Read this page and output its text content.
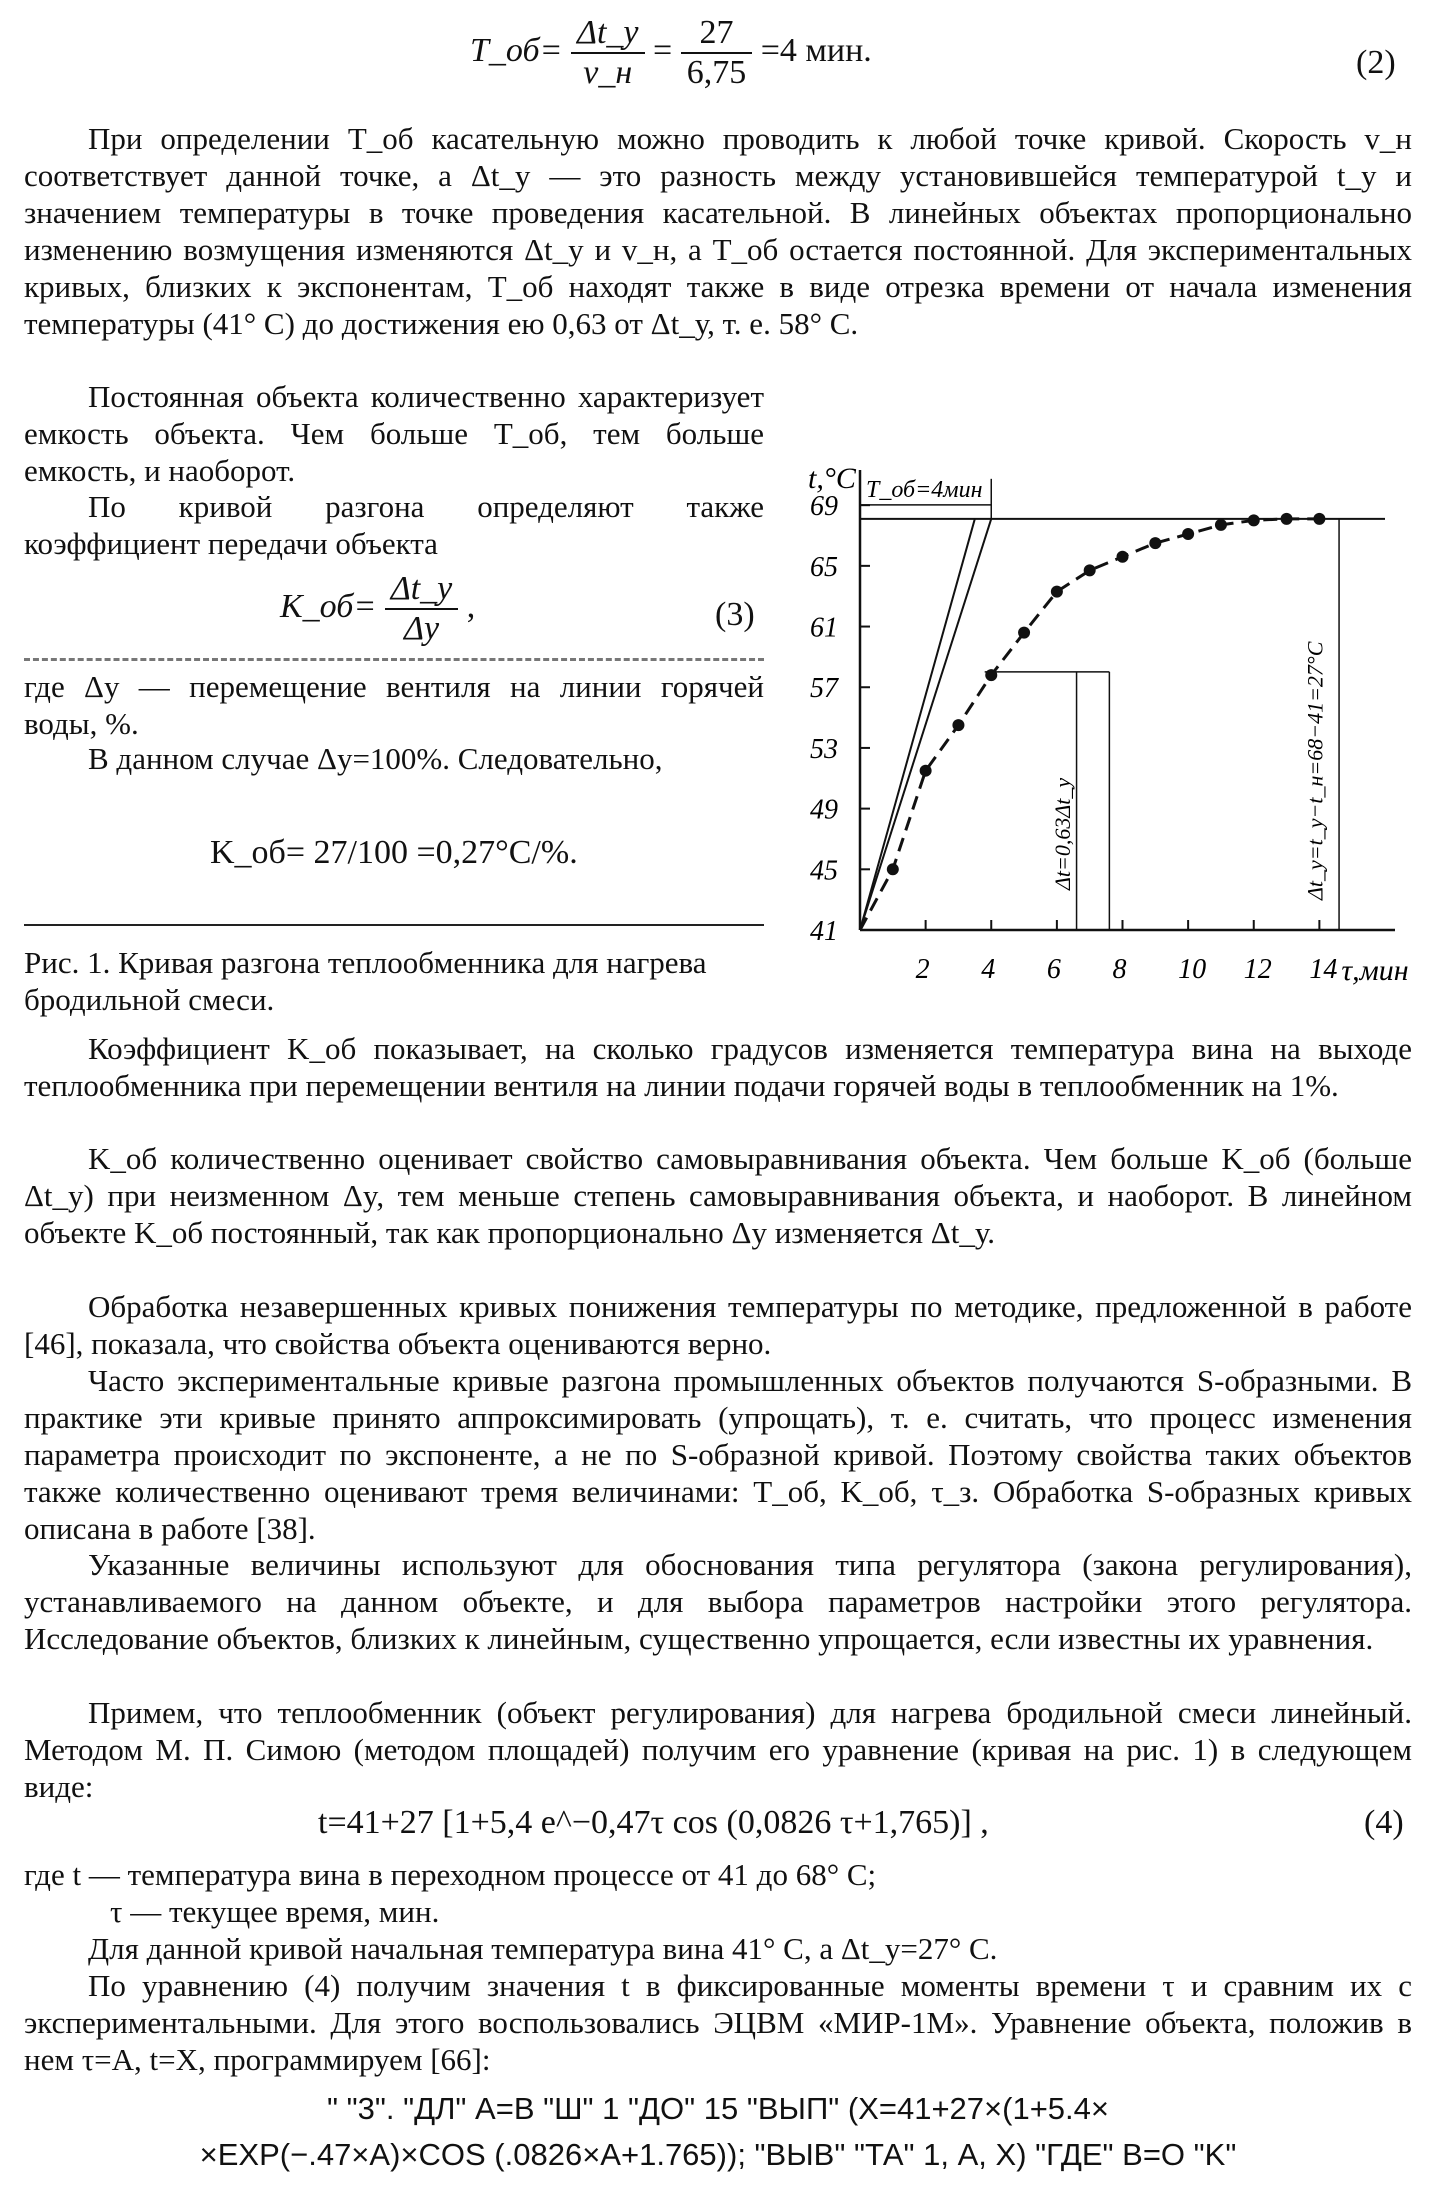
T_об= $\frac{\Delta t\_у}{v\_н} = \frac{27}{6,75} =4$ мин.	(2)

При определении T_об касательную можно проводить к любой точке кривой. Скорость v_н соответствует данной точке, а Δt_у — это разность между установившейся температурой t_у и значением температуры в точке проведения касательной. В линейных объектах пропорционально изменению возмущения изменяются Δt_у и v_н, а T_об остается постоянной. Для экспериментальных кривых, близких к экспонентам, T_об находят также в виде отрезка времени от начала изменения температуры (41° С) до достижения ею 0,63 от Δt_у, т. е. 58° С.

Постоянная объекта количественно характеризует емкость объекта. Чем больше T_об, тем больше емкость, и наоборот.

По кривой разгона определяют также коэффициент передачи объекта

K_об= $\frac{\Delta t\_у}{\Delta y}$ ,	(3)

где Δy — перемещение вентиля на линии горячей воды, %.

В данном случае Δy=100%. Следовательно,

K_об= 27/100 =0,27°С/%.

Рис. 1. Кривая разгона теплообменника для нагрева бродильной смеси.

t,°C
τ,мин
41
45
49
53
57
61
65
69
2 4 6 8 10 12 14
T_об=4мин
Δt=0,63Δt_у	Δt_у=t_у−t_н=68−41=27°C

Коэффициент K_об показывает, на сколько градусов изменяется температура вина на выходе теплообменника при перемещении вентиля на линии подачи горячей воды в теплообменник на 1%.

K_об количественно оценивает свойство самовыравнивания объекта. Чем больше K_об (больше Δt_у) при неизменном Δy, тем меньше степень самовыравнивания объекта, и наоборот. В линейном объекте K_об постоянный, так как пропорционально Δy изменяется Δt_у.

Обработка незавершенных кривых понижения температуры по методике, предложенной в работе [46], показала, что свойства объекта оцениваются верно.

Часто экспериментальные кривые разгона промышленных объектов получаются S-образными. В практике эти кривые принято аппроксимировать (упрощать), т. е. считать, что процесс изменения параметра происходит по экспоненте, а не по S-образной кривой. Поэтому свойства таких объектов также количественно оценивают тремя величинами: T_об, K_об, τ_з. Обработка S-образных кривых описана в работе [38].

Указанные величины используют для обоснования типа регулятора (закона регулирования), устанавливаемого на данном объекте, и для выбора параметров настройки этого регулятора. Исследование объектов, близких к линейным, существенно упрощается, если известны их уравнения.

Примем, что теплообменник (объект регулирования) для нагрева бродильной смеси линейный. Методом М. П. Симою (методом площадей) получим его уравнение (кривая на рис. 1) в следующем виде:

t=41+27 [1+5,4 e^−0,47τ cos (0,0826 τ+1,765)] ,	(4)

где t — температура вина в переходном процессе от 41 до 68° С;

τ — текущее время, мин.

Для данной кривой начальная температура вина 41° С, а Δt_у=27° С.

По уравнению (4) получим значения t в фиксированные моменты времени τ и сравним их с экспериментальными. Для этого воспользовались ЭЦВМ «МИР-1М». Уравнение объекта, положив в нем τ=A, t=X, программируем [66]:

" "3". "ДЛ" A=B "Ш" 1 "ДО" 15 "ВЫП" (X=41+27×(1+5.4×

×EXP(−.47×A)×COS (.0826×A+1.765)); "ВЫВ" "ТА" 1, A, X) "ГДЕ" B=O "K"
